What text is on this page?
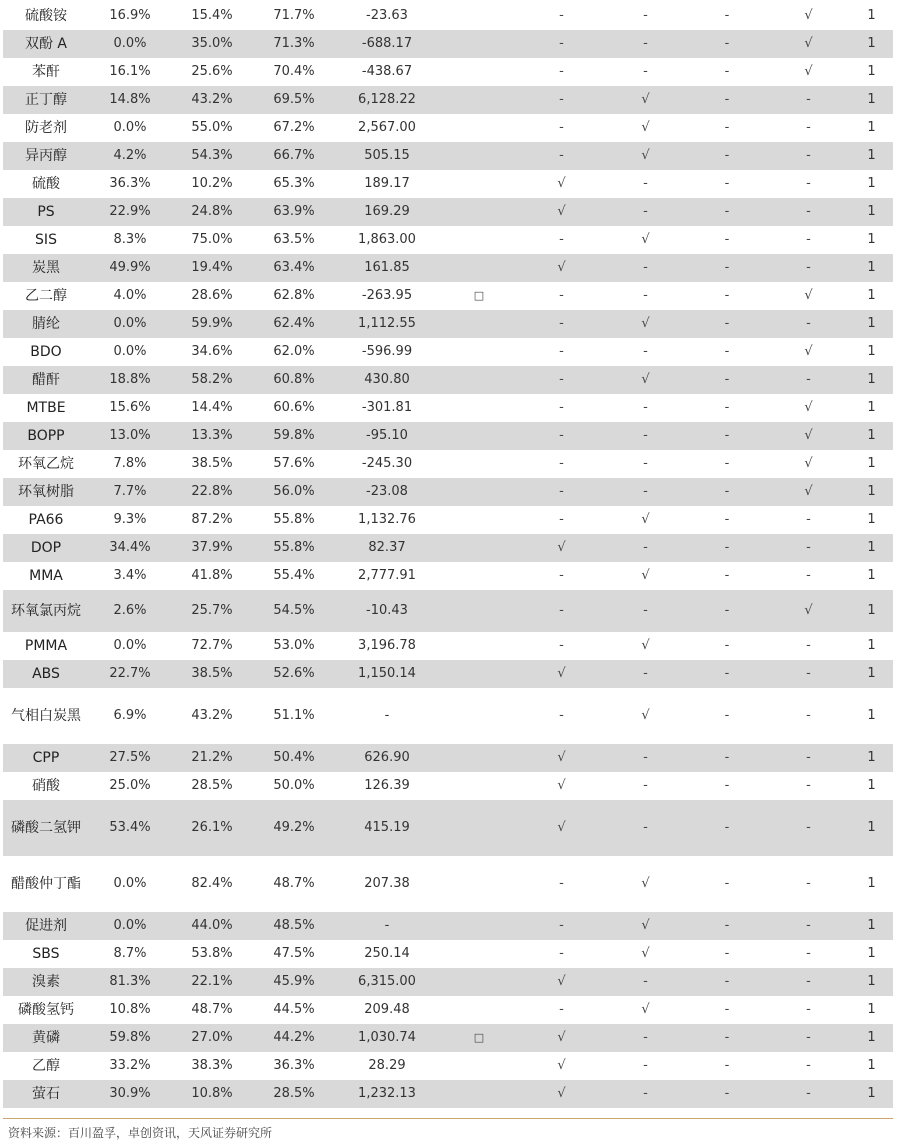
硫酸铵	16.9%	15.4%	71.7%	-23.63		-	-	-	√	1
双酚 A	0.0%	35.0%	71.3%	-688.17		-	-	-	√	1
苯酐	16.1%	25.6%	70.4%	-438.67		-	-	-	√	1
正丁醇	14.8%	43.2%	69.5%	6,128.22		-	√	-	-	1
防老剂	0.0%	55.0%	67.2%	2,567.00		-	√	-	-	1
异丙醇	4.2%	54.3%	66.7%	505.15		-	√	-	-	1
硫酸	36.3%	10.2%	65.3%	189.17		√	-	-	-	1
PS	22.9%	24.8%	63.9%	169.29		√	-	-	-	1
SIS	8.3%	75.0%	63.5%	1,863.00		-	√	-	-	1
炭黑	49.9%	19.4%	63.4%	161.85		√	-	-	-	1
乙二醇	4.0%	28.6%	62.8%	-263.95	□	-	-	-	√	1
腈纶	0.0%	59.9%	62.4%	1,112.55		-	√	-	-	1
BDO	0.0%	34.6%	62.0%	-596.99		-	-	-	√	1
醋酐	18.8%	58.2%	60.8%	430.80		-	√	-	-	1
MTBE	15.6%	14.4%	60.6%	-301.81		-	-	-	√	1
BOPP	13.0%	13.3%	59.8%	-95.10		-	-	-	√	1
环氧乙烷	7.8%	38.5%	57.6%	-245.30		-	-	-	√	1
环氧树脂	7.7%	22.8%	56.0%	-23.08		-	-	-	√	1
PA66	9.3%	87.2%	55.8%	1,132.76		-	√	-	-	1
DOP	34.4%	37.9%	55.8%	82.37		√	-	-	-	1
MMA	3.4%	41.8%	55.4%	2,777.91		-	√	-	-	1
环氧氯丙烷	2.6%	25.7%	54.5%	-10.43		-	-	-	√	1
PMMA	0.0%	72.7%	53.0%	3,196.78		-	√	-	-	1
ABS	22.7%	38.5%	52.6%	1,150.14		√	-	-	-	1
气相白炭黑	6.9%	43.2%	51.1%	-		-	√	-	-	1
CPP	27.5%	21.2%	50.4%	626.90		√	-	-	-	1
硝酸	25.0%	28.5%	50.0%	126.39		√	-	-	-	1
磷酸二氢钾	53.4%	26.1%	49.2%	415.19		√	-	-	-	1
醋酸仲丁酯	0.0%	82.4%	48.7%	207.38		-	√	-	-	1
促进剂	0.0%	44.0%	48.5%	-		-	√	-	-	1
SBS	8.7%	53.8%	47.5%	250.14		-	√	-	-	1
溴素	81.3%	22.1%	45.9%	6,315.00		√	-	-	-	1
磷酸氢钙	10.8%	48.7%	44.5%	209.48		-	√	-	-	1
黄磷	59.8%	27.0%	44.2%	1,030.74	□	√	-	-	-	1
乙醇	33.2%	38.3%	36.3%	28.29		√	-	-	-	1
萤石	30.9%	10.8%	28.5%	1,232.13		√	-	-	-	1
资料来源：百川盈孚，卓创资讯，天风证券研究所
